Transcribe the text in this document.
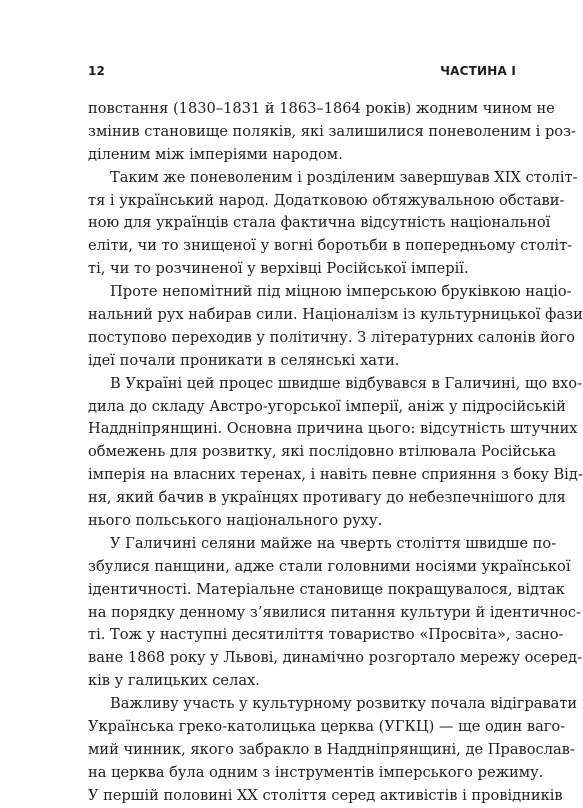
12	ЧАСТИНА І
повстання (1830–1831 й 1863–1864 років) жодним чином не
змінив становище поляків, які залишилися поневоленим і роз-
діленим між імперіями народом.
Таким же поневоленим і розділеним завершував ХІХ століт-
тя і український народ. Додатковою обтяжувальною обстави-
ною для українців стала фактична відсутність національної
еліти, чи то знищеної у вогні боротьби в попередньому століт-
ті, чи то розчиненої у верхівці Російської імперії.
Проте непомітний під міцною імперською бруківкою націо-
нальний рух набирав сили. Націоналізм із культурницької фази
поступово переходив у політичну. З літературних салонів його
ідеї почали проникати в селянські хати.
В Україні цей процес швидше відбувався в Галичині, що вхо-
дила до складу Австро-угорської імперії, аніж у підросійській
Наддніпрянщині. Основна причина цього: відсутність штучних
обмежень для розвитку, які послідовно втілювала Російська
імперія на власних теренах, і навіть певне сприяння з боку Від-
ня, який бачив в українцях противагу до небезпечнішого для
нього польського національного руху.
У Галичині селяни майже на чверть століття швидше по-
збулися панщини, адже стали головними носіями української
ідентичності. Матеріальне становище покращувалося, відтак
на порядку денному з’явилися питання культури й ідентичнос-
ті. Тож у наступні десятиліття товариство «Просвіта», засно-
ване 1868 року у Львові, динамічно розгортало мережу осеред-
ків у галицьких селах.
Важливу участь у культурному розвитку почала відігравати
Українська греко-католицька церква (УГКЦ) — ще один ваго-
мий чинник, якого забракло в Наддніпрянщині, де Православ-
на церква була одним з інструментів імперського режиму.
У першій половині ХХ століття серед активістів і провідників
